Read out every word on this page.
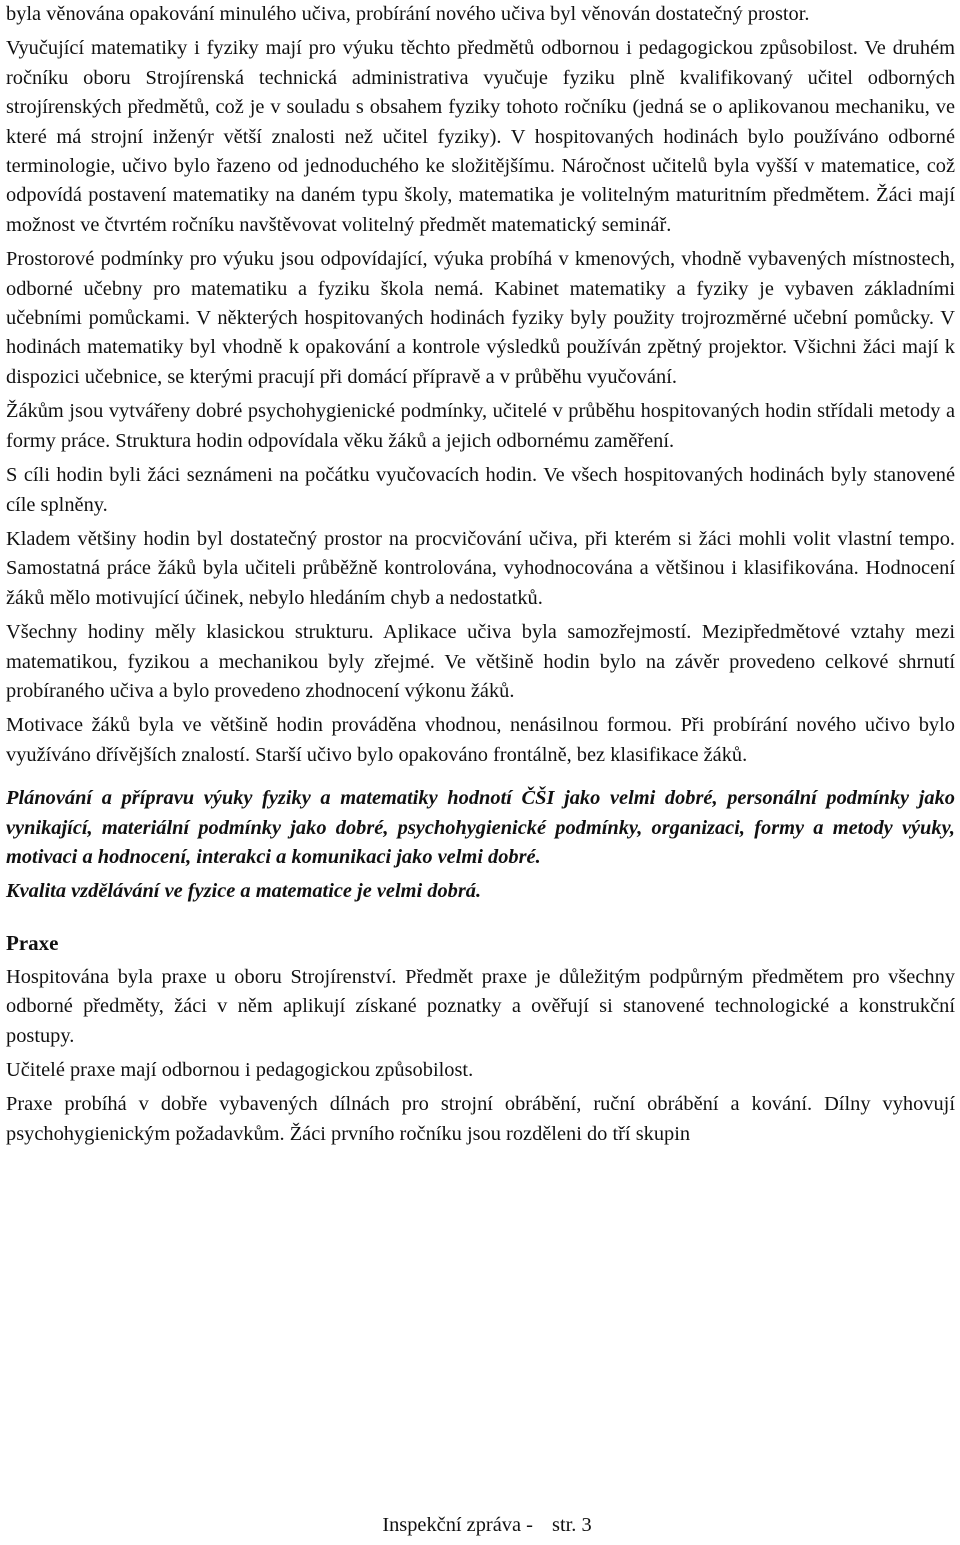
byla věnována opakování minulého učiva, probírání nového učiva byl věnován dostatečný prostor.

Vyučující matematiky i fyziky mají pro výuku těchto předmětů odbornou i pedagogickou způsobilost. Ve druhém ročníku oboru Strojírenská technická administrativa vyučuje fyziku plně kvalifikovaný učitel odborných strojírenských předmětů, což je v souladu s obsahem fyziky tohoto ročníku (jedná se o aplikovanou mechaniku, ve které má strojní inženýr větší znalosti než učitel fyziky). V hospitovaných hodinách bylo používáno odborné terminologie, učivo bylo řazeno od jednoduchého ke složitějšímu. Náročnost učitelů byla vyšší v matematice, což odpovídá postavení matematiky na daném typu školy, matematika je volitelným maturitním předmětem. Žáci mají možnost ve čtvrtém ročníku navštěvovat volitelný předmět matematický seminář.

Prostorové podmínky pro výuku jsou odpovídající, výuka probíhá v kmenových, vhodně vybavených místnostech, odborné učebny pro matematiku a fyziku škola nemá. Kabinet matematiky a fyziky je vybaven základními učebními pomůckami. V některých hospitovaných hodinách fyziky byly použity trojrozměrné učební pomůcky. V hodinách matematiky byl vhodně k opakování a kontrole výsledků používán zpětný projektor. Všichni žáci mají k dispozici učebnice, se kterými pracují při domácí přípravě a v průběhu vyučování.

Žákům jsou vytvářeny dobré psychohygienické podmínky, učitelé v průběhu hospitovaných hodin střídali metody a formy práce. Struktura hodin odpovídala věku žáků a jejich odbornému zaměření.

S cíli hodin byli žáci seznámeni na počátku vyučovacích hodin. Ve všech hospitovaných hodinách byly stanovené cíle splněny.

Kladem většiny hodin byl dostatečný prostor na procvičování učiva, při kterém si žáci mohli volit vlastní tempo. Samostatná práce žáků byla učiteli průběžně kontrolována, vyhodnocována a většinou i klasifikována. Hodnocení žáků mělo motivující účinek, nebylo hledáním chyb a nedostatků.

Všechny hodiny měly klasickou strukturu. Aplikace učiva byla samozřejmostí. Mezipředmětové vztahy mezi matematikou, fyzikou a mechanikou byly zřejmé. Ve většině hodin bylo na závěr provedeno celkové shrnutí probíraného učiva a bylo provedeno zhodnocení výkonu žáků.

Motivace žáků byla ve většině hodin prováděna vhodnou, nenásilnou formou. Při probírání nového učivo bylo využíváno dřívějších znalostí. Starší učivo bylo opakováno frontálně, bez klasifikace žáků.

Plánování a přípravu výuky fyziky a matematiky hodnotí ČŠI jako velmi dobré, personální podmínky jako vynikající, materiální podmínky jako dobré, psychohygienické podmínky, organizaci, formy a metody výuky, motivaci a hodnocení, interakci a komunikaci jako velmi dobré.

Kvalita vzdělávání ve fyzice a matematice je velmi dobrá.

Praxe

Hospitována byla praxe u oboru Strojírenství. Předmět praxe je důležitým podpůrným předmětem pro všechny odborné předměty, žáci v něm aplikují získané poznatky a ověřují si stanovené technologické a konstrukční postupy.

Učitelé praxe mají odbornou i pedagogickou způsobilost.

Praxe probíhá v dobře vybavených dílnách pro strojní obrábění, ruční obrábění a kování. Dílny vyhovují psychohygienickým požadavkům. Žáci prvního ročníku jsou rozděleni do tří skupin

Inspekční zpráva - str. 3
